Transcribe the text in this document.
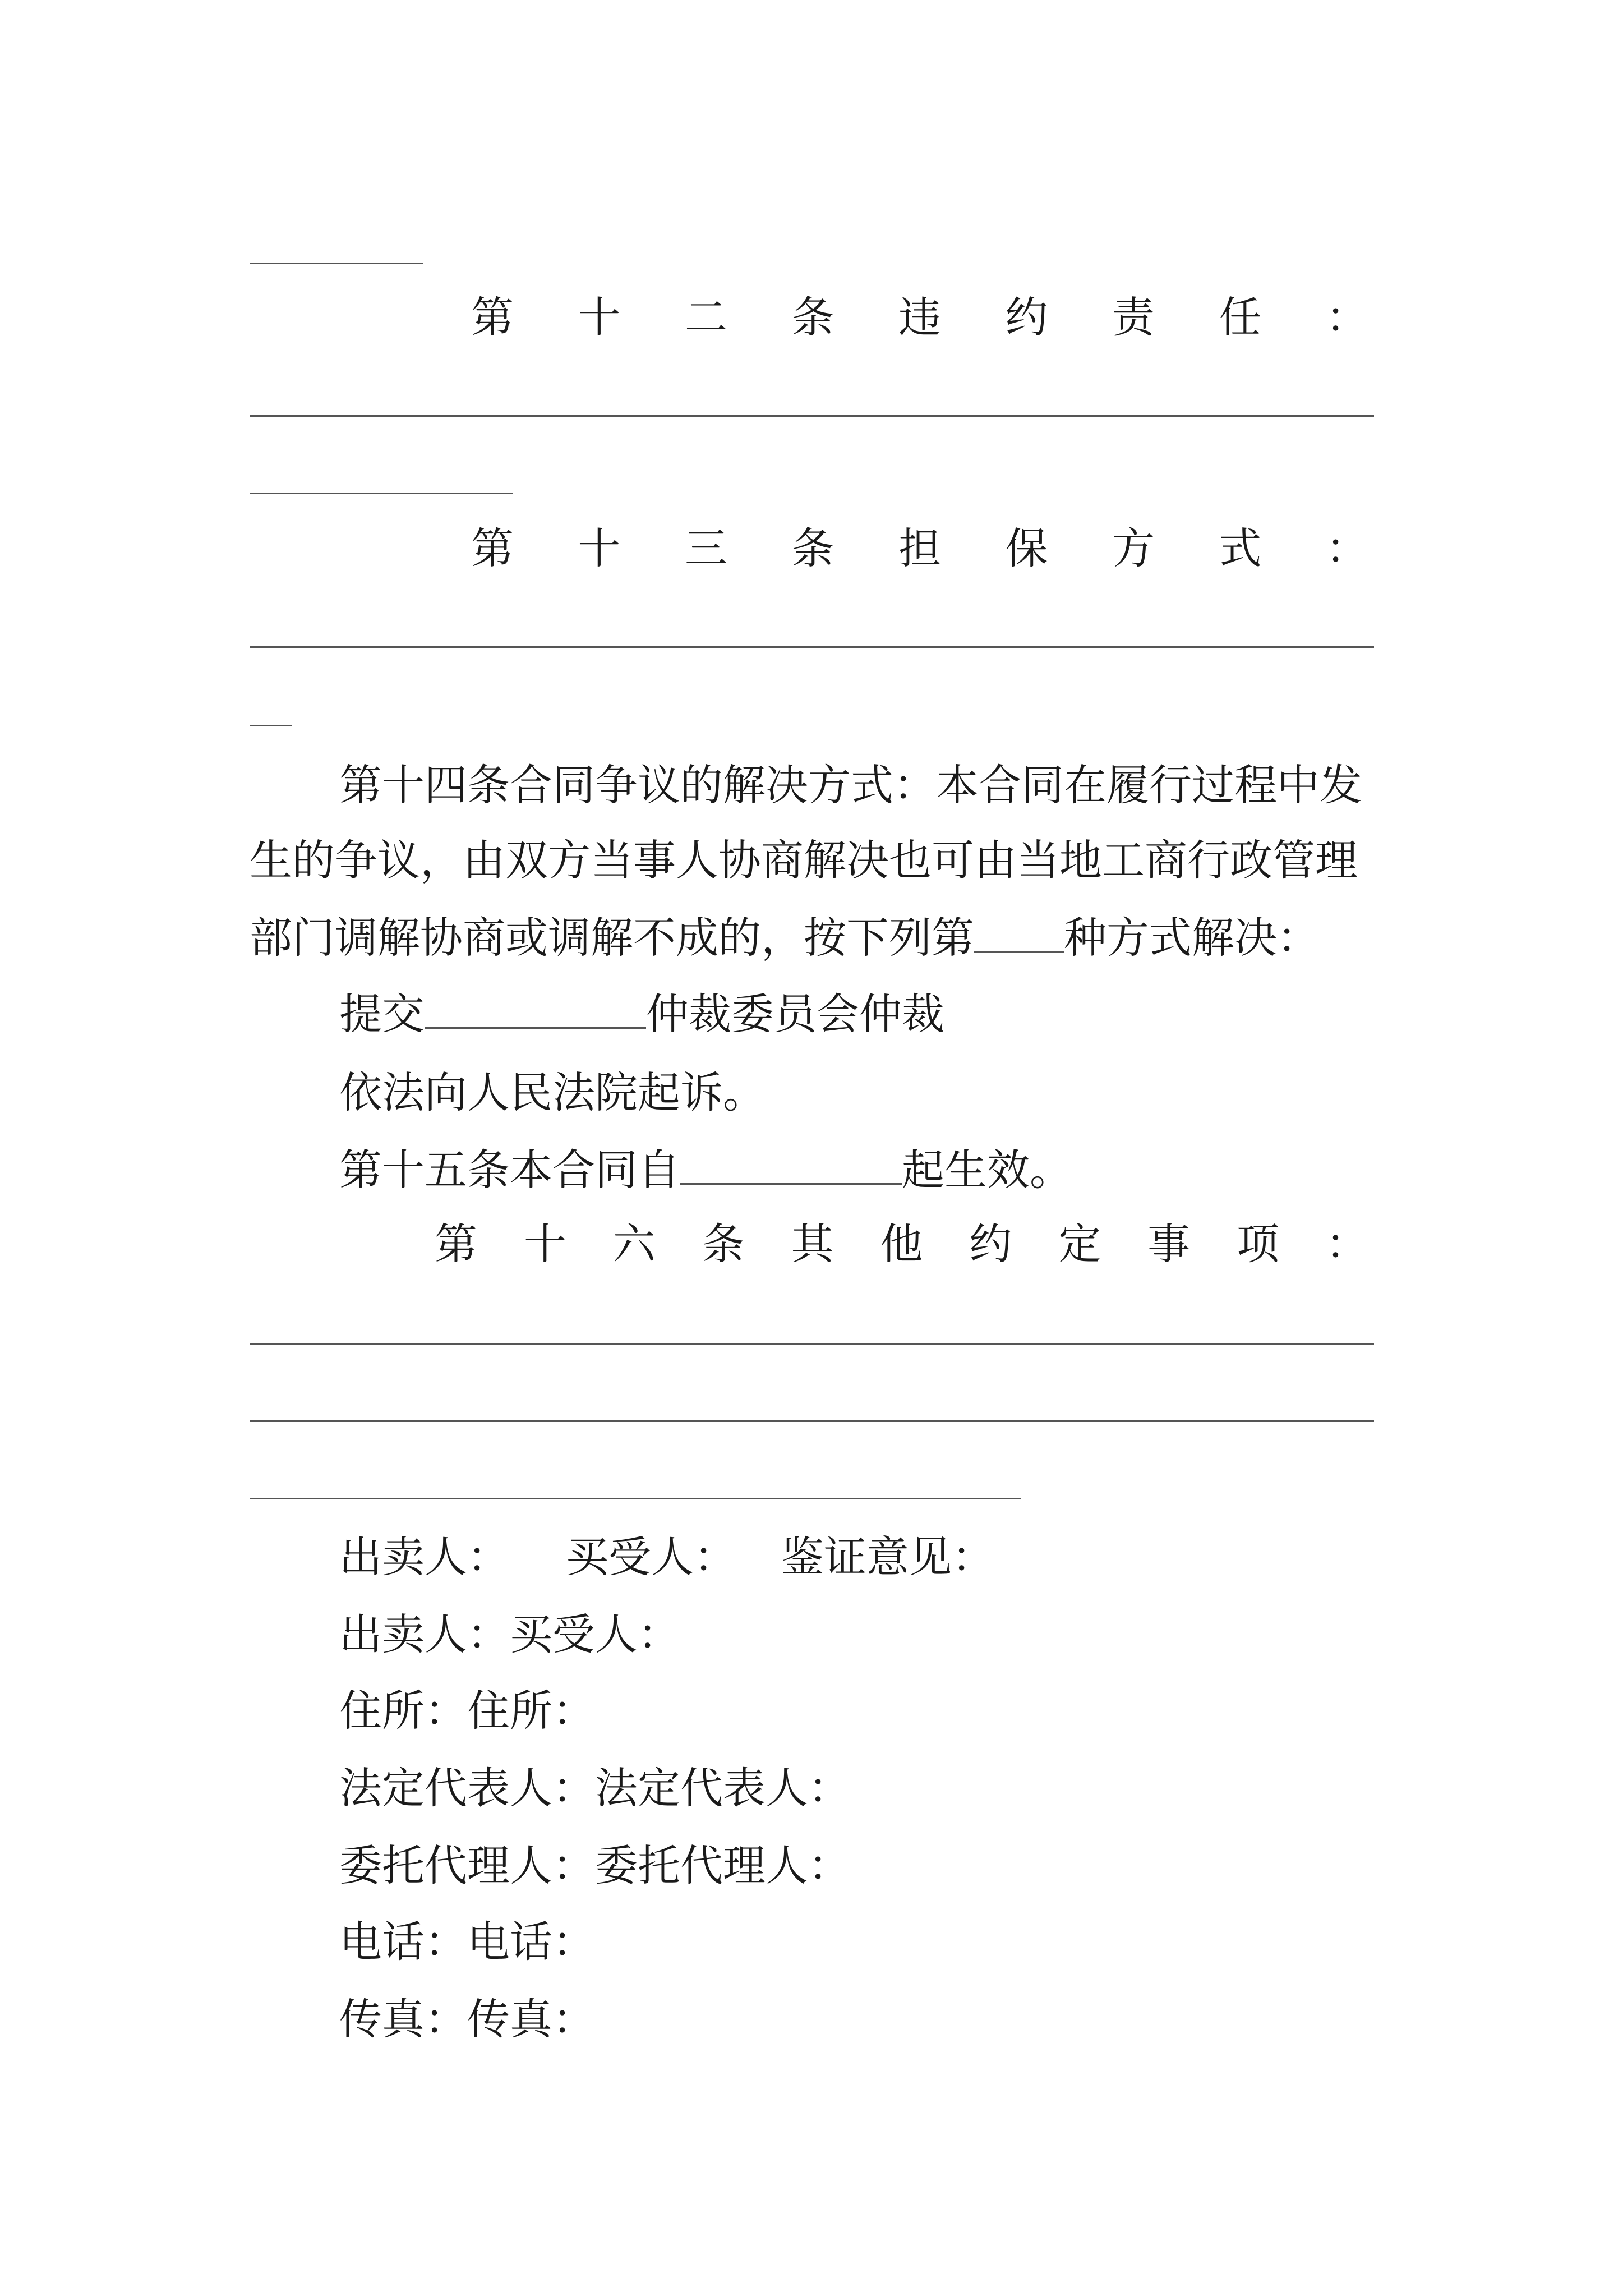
第 十 二 条 违 约 责 任 ：
第 十 三 条 担 保 方 式 ：
第十四条合同争议的解决方式：本合同在履行过程中发
生的争议，由双方当事人协商解决也可由当地工商行政管理
部门调解协商或调解不成的，按下列第 种方式解决：
提交	仲裁委员会仲裁
依法向人民法院起诉。
第十五条本合同自	起生效。
第 十 六 条 其 他 约 定 事 项 ：
出卖人： 买受人： 鉴证意见：
出卖人：买受人：
住所：住所：
法定代表人：法定代表人：
委托代理人：委托代理人：
电话：电话：
传真：传真：
